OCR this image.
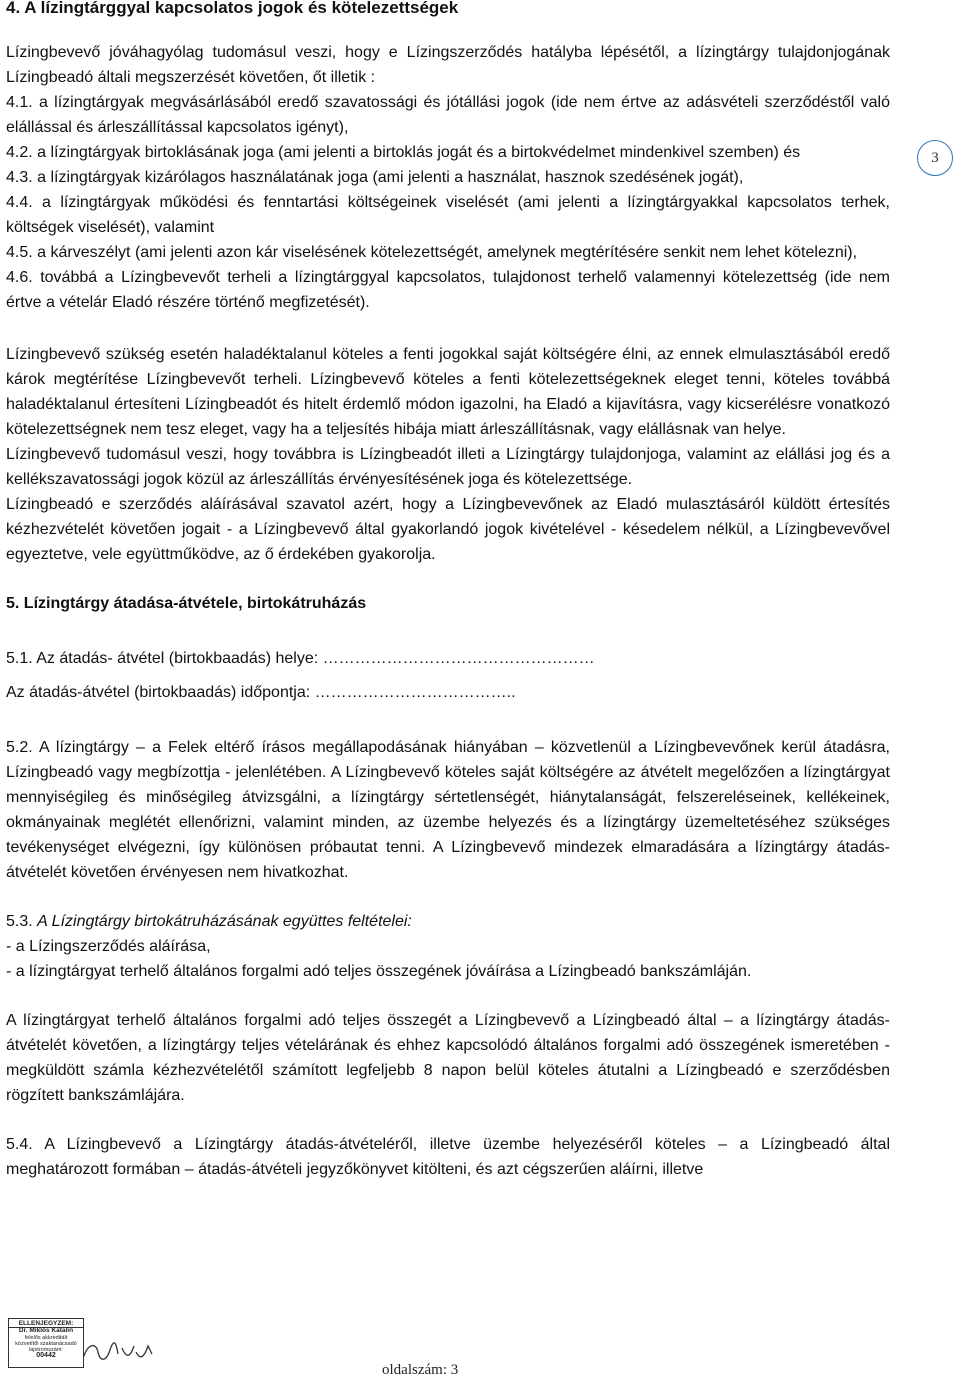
4. A lízingtárggyal kapcsolatos jogok és kötelezettségek

Lízingbevevő jóváhagyólag tudomásul veszi, hogy e Lízingszerződés hatályba lépésétől, a lízingtárgy tulajdonjogának Lízingbeadó általi megszerzését követően, őt illetik :

4.1. a lízingtárgyak megvásárlásából eredő szavatossági és jótállási jogok (ide nem értve az adásvételi szerződéstől való elállással és árleszállítással kapcsolatos igényt),

4.2. a lízingtárgyak birtoklásának joga (ami jelenti a birtoklás jogát és a birtokvédelmet mindenkivel szemben) és

4.3. a lízingtárgyak kizárólagos használatának joga (ami jelenti a használat, hasznok szedésének jogát),

4.4. a lízingtárgyak működési és fenntartási költségeinek viselését (ami jelenti a lízingtárgyakkal kapcsolatos terhek, költségek viselését), valamint

4.5. a kárveszélyt (ami jelenti azon kár viselésének kötelezettségét, amelynek megtérítésére senkit nem lehet kötelezni),

4.6. továbbá a Lízingbevevőt terheli a lízingtárggyal kapcsolatos, tulajdonost terhelő valamennyi kötelezettség (ide nem értve a vételár Eladó részére történő megfizetését).

Lízingbevevő szükség esetén haladéktalanul köteles a fenti jogokkal saját költségére élni, az ennek elmulasztásából eredő károk megtérítése Lízingbevevőt terheli. Lízingbevevő köteles a fenti kötelezettségeknek eleget tenni, köteles továbbá haladéktalanul értesíteni Lízingbeadót és hitelt érdemlő módon igazolni, ha Eladó a kijavításra, vagy kicserélésre vonatkozó kötelezettségnek nem tesz eleget, vagy ha a teljesítés hibája miatt árleszállításnak, vagy elállásnak van helye.

Lízingbevevő tudomásul veszi, hogy továbbra is Lízingbeadót illeti a Lízingtárgy tulajdonjoga, valamint az elállási jog és a kellékszavatossági jogok közül az árleszállítás érvényesítésének joga és kötelezettsége.

Lízingbeadó e szerződés aláírásával szavatol azért, hogy a Lízingbevevőnek az Eladó mulasztásáról küldött értesítés kézhezvételét követően jogait - a Lízingbevevő által gyakorlandó jogok kivételével - késedelem nélkül, a Lízingbevevővel egyeztetve, vele együttműködve, az ő érdekében gyakorolja.

5. Lízingtárgy átadása-átvétele, birtokátruházás

5.1. Az átadás- átvétel (birtokbaadás) helye: ……………………………………………

Az átadás-átvétel (birtokbaadás) időpontja: ………………………………..

5.2. A lízingtárgy – a Felek eltérő írásos megállapodásának hiányában – közvetlenül a Lízingbevevőnek kerül átadásra, Lízingbeadó vagy megbízottja - jelenlétében. A Lízingbevevő köteles saját költségére az átvételt megelőzően a lízingtárgyat mennyiségileg és minőségileg átvizsgálni, a lízingtárgy sértetlenségét, hiánytalanságát, felszereléseinek, kellékeinek, okmányainak meglétét ellenőrizni, valamint minden, az üzembe helyezés és a lízingtárgy üzemeltetéséhez szükséges tevékenységet elvégezni, így különösen próbautat tenni. A Lízingbevevő mindezek elmaradására a lízingtárgy átadás-átvételét követően érvényesen nem hivatkozhat.

5.3. A Lízingtárgy birtokátruházásának együttes feltételei:

- a Lízingszerződés aláírása,

- a lízingtárgyat terhelő általános forgalmi adó teljes összegének jóváírása a Lízingbeadó bankszámláján.

A lízingtárgyat terhelő általános forgalmi adó teljes összegét a Lízingbevevő a Lízingbeadó által – a lízingtárgy átadás-átvételét követően, a lízingtárgy teljes vételárának és ehhez kapcsolódó általános forgalmi adó összegének ismeretében - megküldött számla kézhezvételétől számított legfeljebb 8 napon belül köteles átutalni a Lízingbeadó e szerződésben rögzített bankszámlájára.

5.4. A Lízingbevevő a Lízingtárgy átadás-átvételéről, illetve üzembe helyezéséről köteles – a Lízingbeadó által meghatározott formában – átadás-átvételi jegyzőkönyvet kitölteni, és azt cégszerűen aláírni, illetve

3
ELLENJEGYZEM:
Dr. Miklós Katalin
felelős akkreditált
közvetítői szaktanácsadó
lajstromszám:
00442
oldalszám: 3
